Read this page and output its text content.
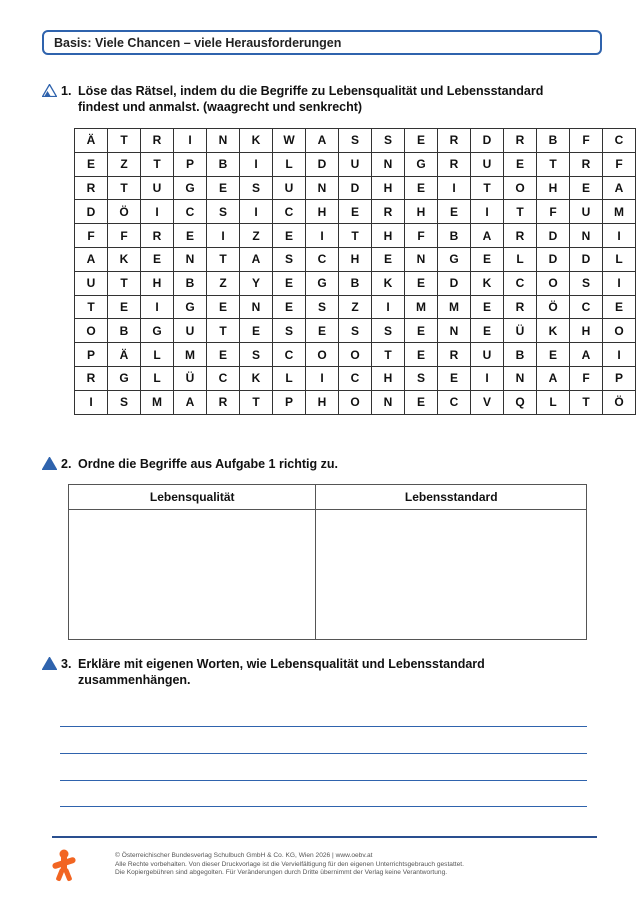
Basis: Viele Chancen – viele Herausforderungen
1. Löse das Rätsel, indem du die Begriffe zu Lebensqualität und Lebensstandard
findest und anmalst. (waagrecht und senkrecht)
Ä	T	R	I	N	K	W	A	S	S	E	R	D	R	B	F	C
E	Z	T	P	B	I	L	D	U	N	G	R	U	E	T	R	F
R	T	U	G	E	S	U	N	D	H	E	I	T	O	H	E	A
D	Ö	I	C	S	I	C	H	E	R	H	E	I	T	F	U	M
F	F	R	E	I	Z	E	I	T	H	F	B	A	R	D	N	I
A	K	E	N	T	A	S	C	H	E	N	G	E	L	D	D	L
U	T	H	B	Z	Y	E	G	B	K	E	D	K	C	O	S	I
T	E	I	G	E	N	E	S	Z	I	M	M	E	R	Ö	C	E
O	B	G	U	T	E	S	E	S	S	E	N	E	Ü	K	H	O
P	Ä	L	M	E	S	C	O	O	T	E	R	U	B	E	A	I
R	G	L	Ü	C	K	L	I	C	H	S	E	I	N	A	F	P
I	S	M	A	R	T	P	H	O	N	E	C	V	Q	L	T	Ö
2. Ordne die Begriffe aus Aufgabe 1 richtig zu.
Lebensqualität	Lebensstandard

3. Erkläre mit eigenen Worten, wie Lebensqualität und Lebensstandard
zusammenhängen.
© Österreichischer Bundesverlag Schulbuch GmbH & Co. KG, Wien 2026 | www.oebv.at
Alle Rechte vorbehalten. Von dieser Druckvorlage ist die Vervielfältigung für den eigenen Unterrichtsgebrauch gestattet.
Die Kopiergebühren sind abgegolten. Für Veränderungen durch Dritte übernimmt der Verlag keine Verantwortung.
